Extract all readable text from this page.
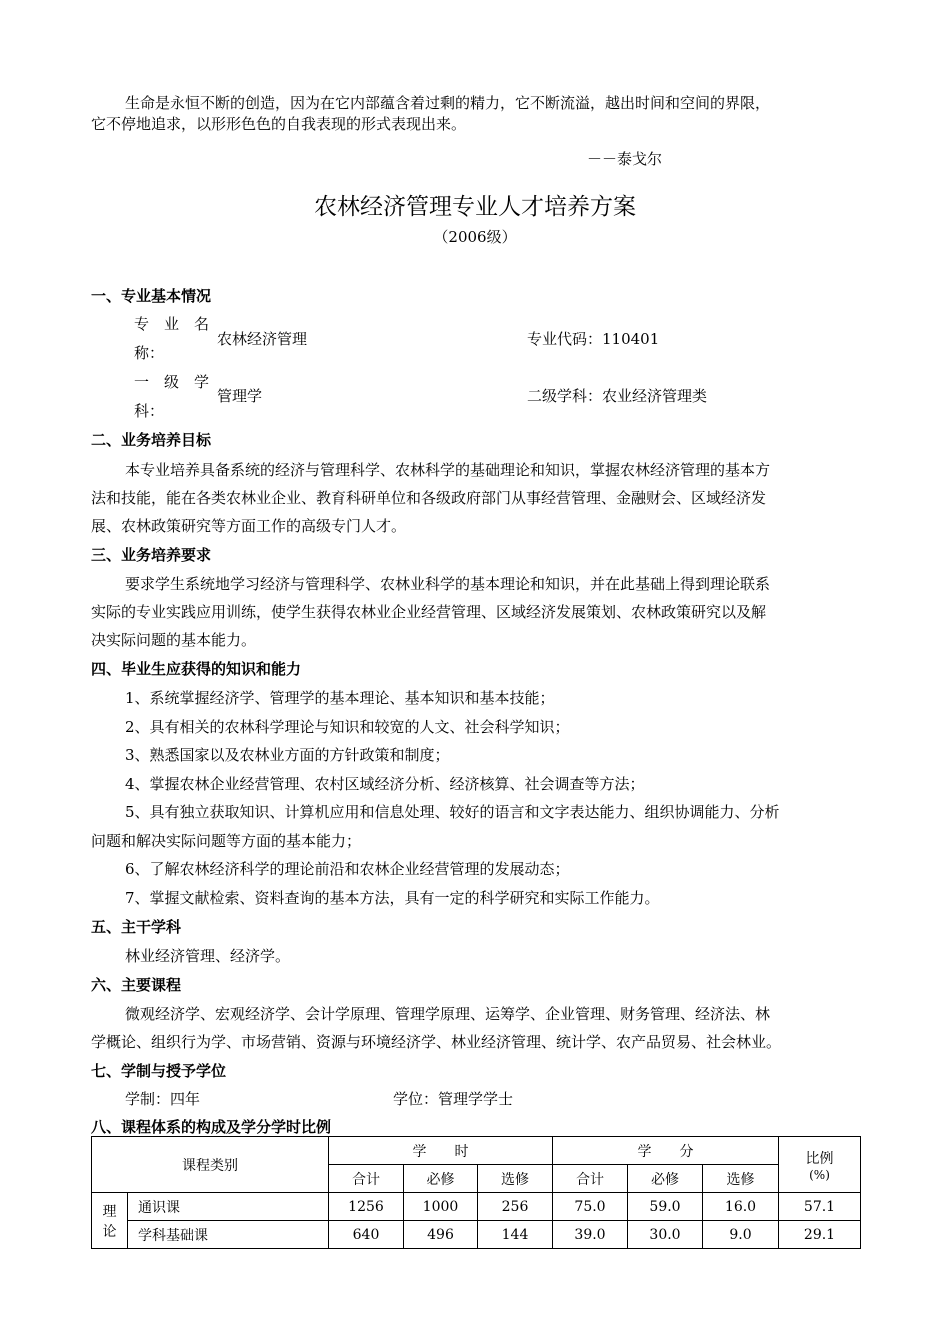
生命是永恒不断的创造，因为在它内部蕴含着过剩的精力，它不断流溢，越出时间和空间的界限，
它不停地追求，以形形色色的自我表现的形式表现出来。
－－泰戈尔
农林经济管理专业人才培养方案
（2006级）
一、专业基本情况
专　业　名
称：
农林经济管理	专业代码：110401
一　级　学
科：
管理学	二级学科：农业经济管理类
二、业务培养目标
本专业培养具备系统的经济与管理科学、农林科学的基础理论和知识，掌握农林经济管理的基本方
法和技能，能在各类农林业企业、教育科研单位和各级政府部门从事经营管理、金融财会、区域经济发
展、农林政策研究等方面工作的高级专门人才。
三、业务培养要求
要求学生系统地学习经济与管理科学、农林业科学的基本理论和知识，并在此基础上得到理论联系
实际的专业实践应用训练，使学生获得农林业企业经营管理、区域经济发展策划、农林政策研究以及解
决实际问题的基本能力。
四、毕业生应获得的知识和能力
1、系统掌握经济学、管理学的基本理论、基本知识和基本技能；
2、具有相关的农林科学理论与知识和较宽的人文、社会科学知识；
3、熟悉国家以及农林业方面的方针政策和制度；
4、掌握农林企业经营管理、农村区域经济分析、经济核算、社会调查等方法；
5、具有独立获取知识、计算机应用和信息处理、较好的语言和文字表达能力、组织协调能力、分析
问题和解决实际问题等方面的基本能力；
6、了解农林经济科学的理论前沿和农林企业经营管理的发展动态；
7、掌握文献检索、资料查询的基本方法，具有一定的科学研究和实际工作能力。
五、主干学科
林业经济管理、经济学。
六、主要课程
微观经济学、宏观经济学、会计学原理、管理学原理、运筹学、企业管理、财务管理、经济法、林
学概论、组织行为学、市场营销、资源与环境经济学、林业经济管理、统计学、农产品贸易、社会林业。
七、学制与授予学位
学制：四年	学位：管理学学士
八、课程体系的构成及学分学时比例
课程类别		学　　时			学　　分			比例
(%)

		合计	必修	选修	合计	必修	选修	

理
论	通识课	1256	1000	256	75.0	59.0	16.0	57.1
	学科基础课	640	496	144	39.0	30.0	9.0	29.1
